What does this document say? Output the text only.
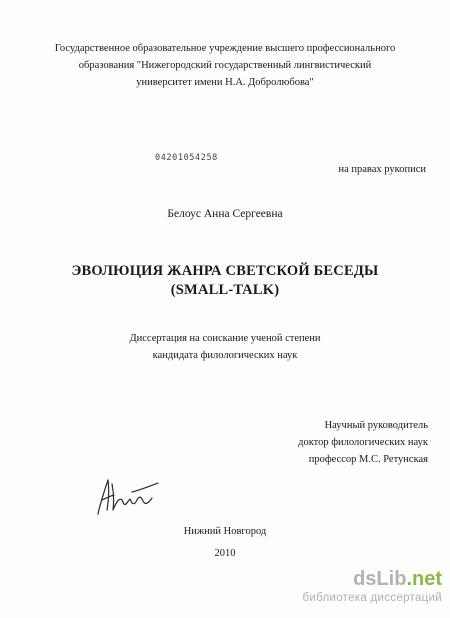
Государственное образовательное учреждение высшего профессионального
образования "Нижегородский государственный лингвистический
университет имени Н.А. Добролюбова"
04201054258
на правах рукописи
Белоус Анна Сергеевна
ЭВОЛЮЦИЯ ЖАНРА СВЕТСКОЙ БЕСЕДЫ
(SMALL-TALK)
Диссертация на соискание ученой степени
кандидата филологических наук
Научный руководитель
доктор филологических наук
профессор М.С. Ретунская
Нижний Новгород
2010
dsLib.net
библиотека диссертаций
